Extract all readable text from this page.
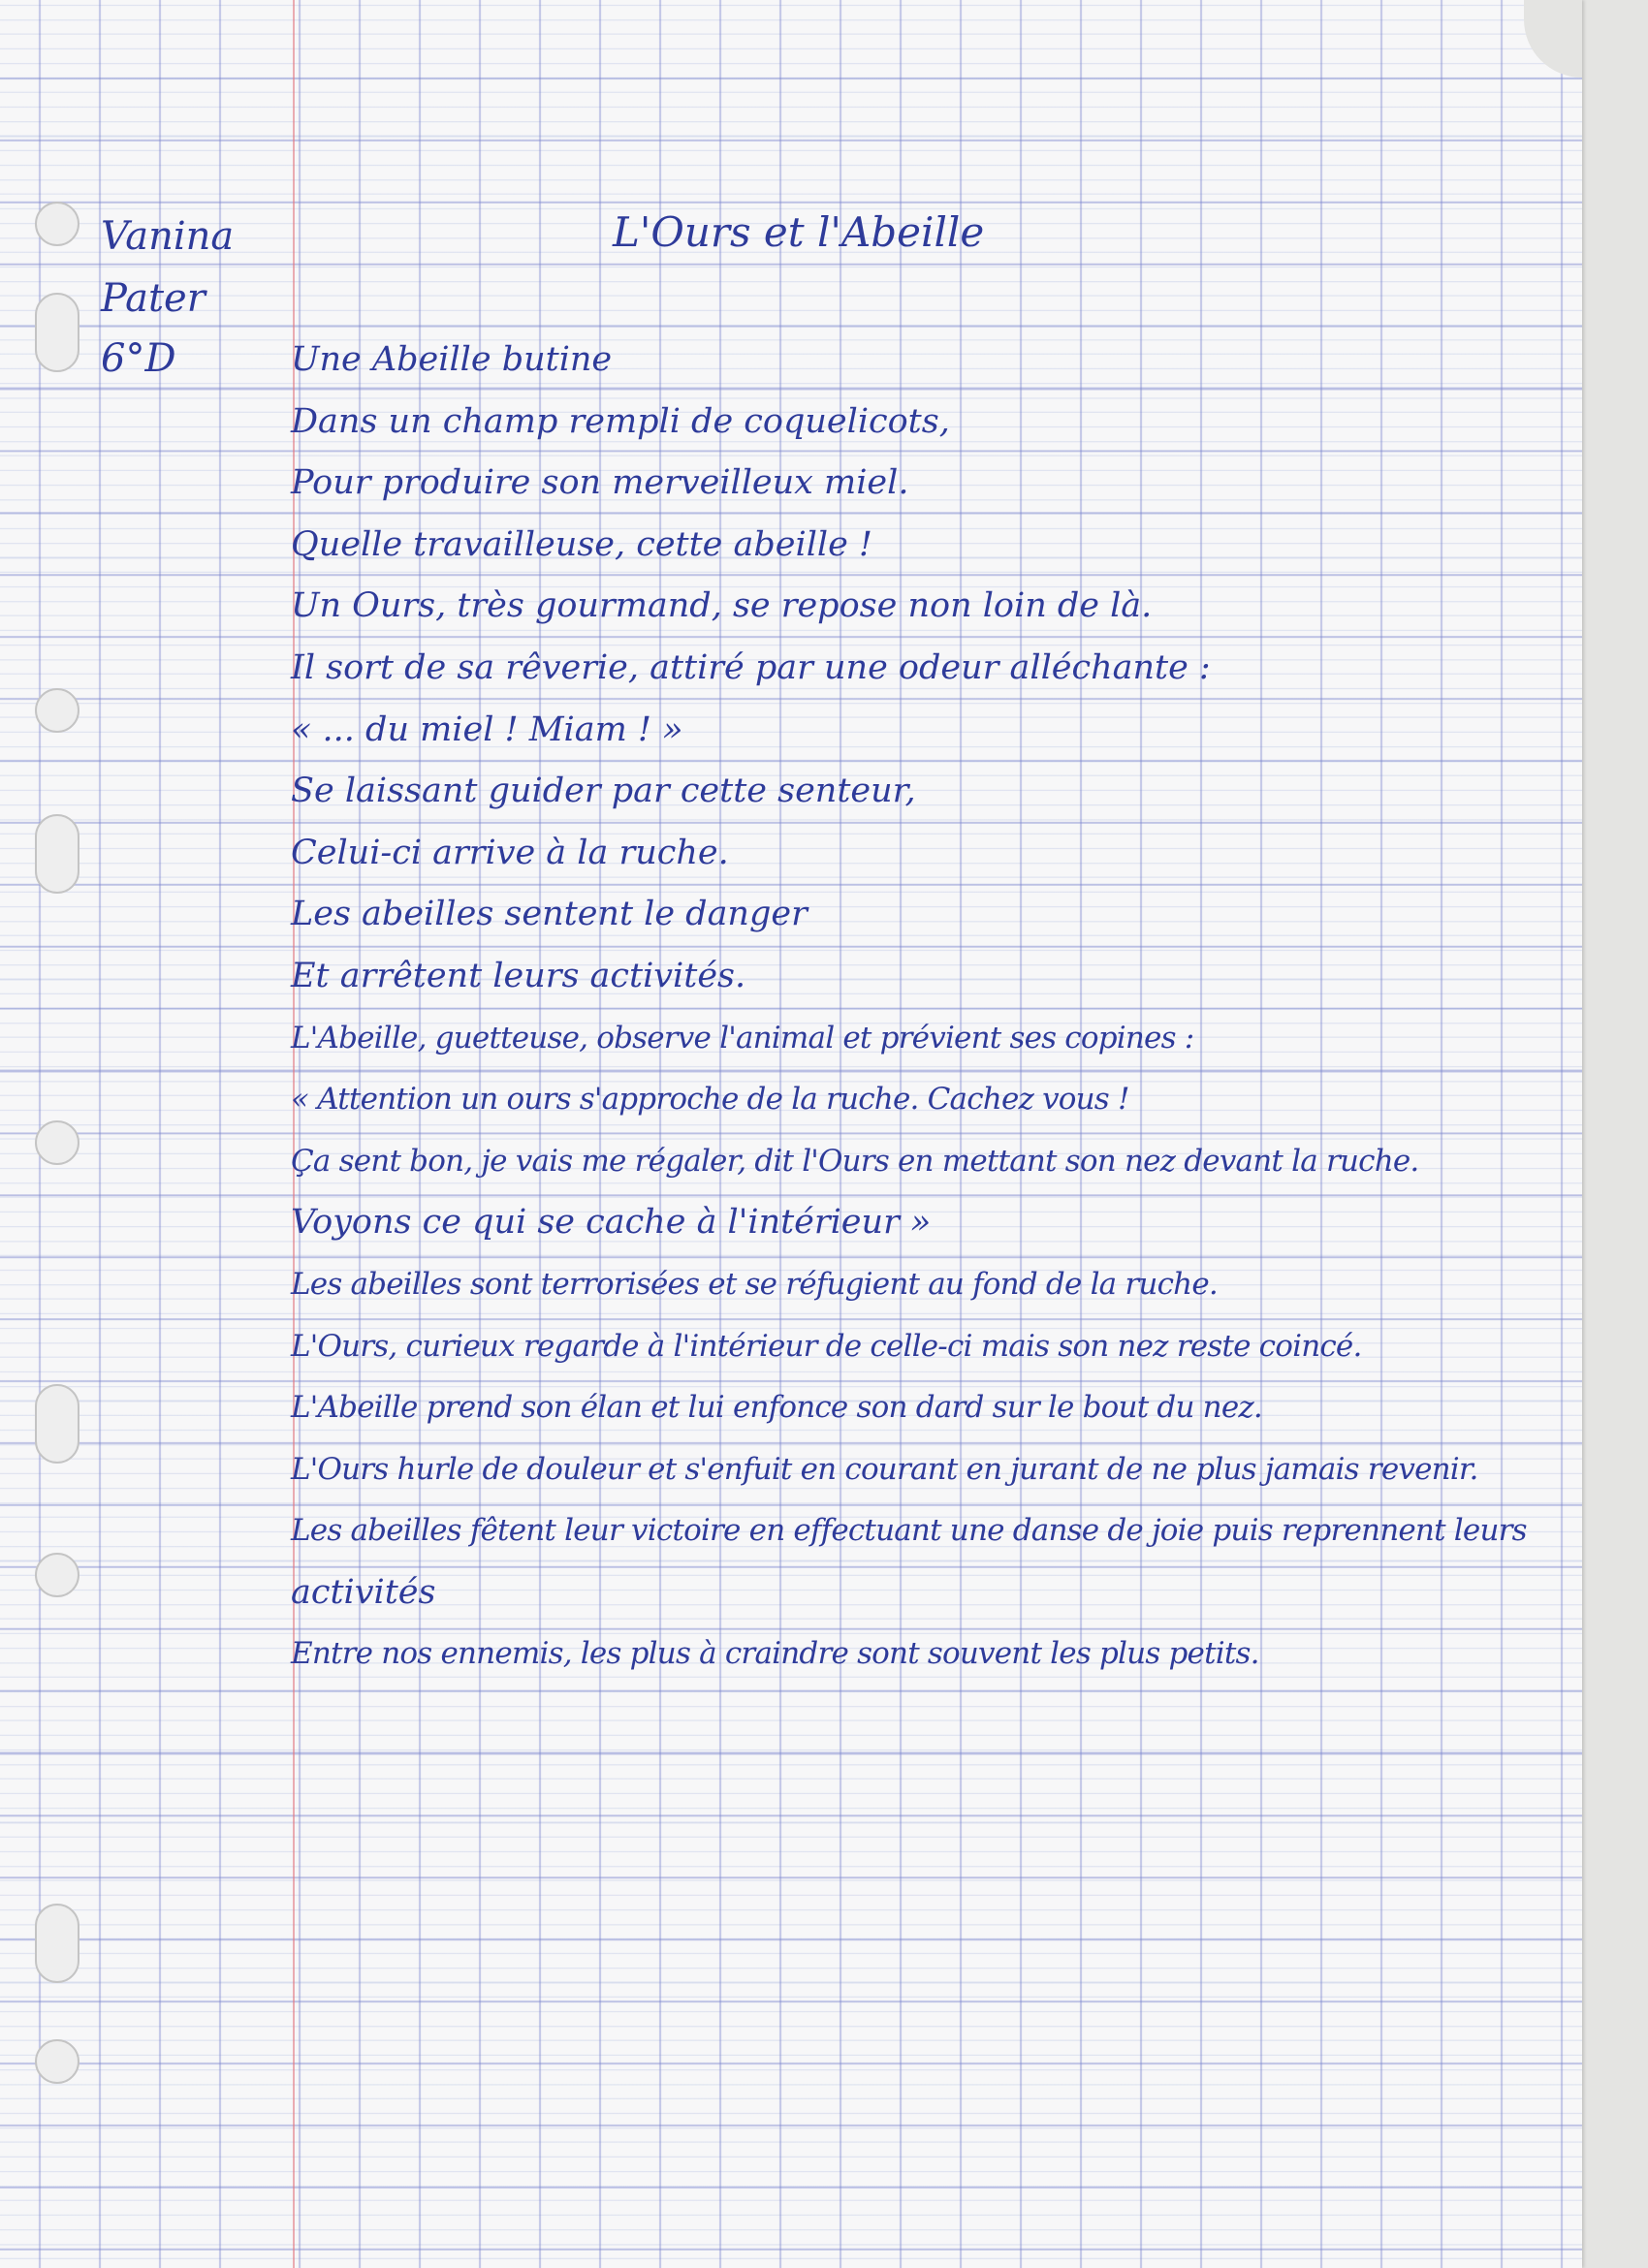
Vanina
Pater
6°D
L'Ours et l'Abeille
Une Abeille butine
Dans un champ rempli de coquelicots,
Pour produire son merveilleux miel.
Quelle travailleuse, cette abeille !
Un Ours, très gourmand, se repose non loin de là.
Il sort de sa rêverie, attiré par une odeur alléchante :
« ... du miel ! Miam ! »
Se laissant guider par cette senteur,
Celui-ci arrive à la ruche.
Les abeilles sentent le danger
Et arrêtent leurs activités.
L'Abeille, guetteuse, observe l'animal et prévient ses copines :
« Attention un ours s'approche de la ruche. Cachez vous !
Ça sent bon, je vais me régaler, dit l'Ours en mettant son nez devant la ruche.
Voyons ce qui se cache à l'intérieur »
Les abeilles sont terrorisées et se réfugient au fond de la ruche.
L'Ours, curieux regarde à l'intérieur de celle-ci mais son nez reste coincé.
L'Abeille prend son élan et lui enfonce son dard sur le bout du nez.
L'Ours hurle de douleur et s'enfuit en courant en jurant de ne plus jamais revenir.
Les abeilles fêtent leur victoire en effectuant une danse de joie puis reprennent leurs
activités
Entre nos ennemis, les plus à craindre sont souvent les plus petits.
